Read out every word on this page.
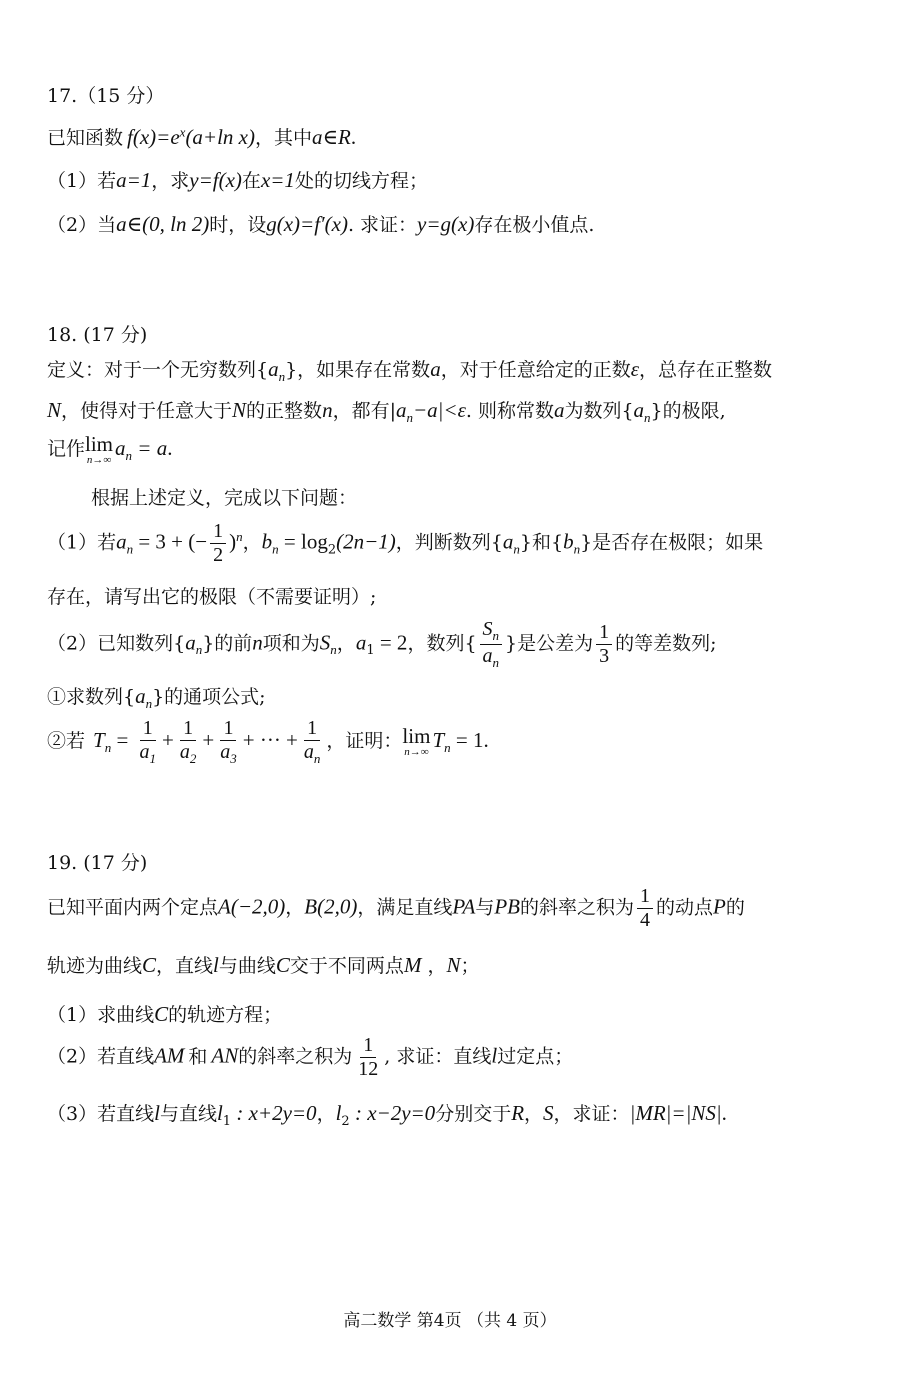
17.（15 分）
已知函数 $f(x)=e^x(a+\ln$ x)，其中a∈R.
（1）若a=1，求y=f(x)在x=1处的切线方程；
（2）当a∈(0, ln 2)时，设g(x)=f′(x). 求证：y=g(x)存在极小值点.
18. (17 分)
定义：对于一个无穷数列$\{a_n\}$，如果存在常数a，对于任意给定的正数ε，总存在正整数
N，使得对于任意大于N的正整数n，都有$|a_n-a|<\varepsilon$. 则称常数a为数列$\{a_n\}$的极限,
记作 lim
n→∞ $a_n = a$.
根据上述定义，完成以下问题：
（1）若$a_n = 3$ + (− $\frac{1}{2} )^n$，$b_n = \log_2(2n-1)$，判断数列$\{a_n\}$和$\{b_n\}$是否存在极限；如果
存在，请写出它的极限（不需要证明）;
（2）已知数列$\{a_n\}$的前n项和为$S_n$，$a_1 = 2$，数列{ $\frac{S_n}{a_n}$ }是公差为 $\frac{1}{3}$ 的等差数列;
①求数列$\{a_n\}$的通项公式;
②若 $T_n = \frac{1}{a_1} + \frac{1}{a_2} + \frac{1}{a_3}$ + ··· + $\frac{1}{a_n}$ ，证明： lim
n→∞ $T_n = 1$.
19. (17 分)
已知平面内两个定点A(−2,0)，B(2,0)，满足直线PA与PB的斜率之积为 $\frac{1}{4}$ 的动点P的
轨迹为曲线C，直线l与曲线C交于不同两点M ，N；
（1）求曲线C的轨迹方程；
（2）若直线AM 和 AN的斜率之积为 $\frac{1}{12}$ , 求证：直线l过定点；
（3）若直线l与直线$l_1$ : x+2y=0，$l_2$ : x−2y=0分别交于R，S，求证：|MR|=|NS|.
高二数学 第4页 （共 4 页）
